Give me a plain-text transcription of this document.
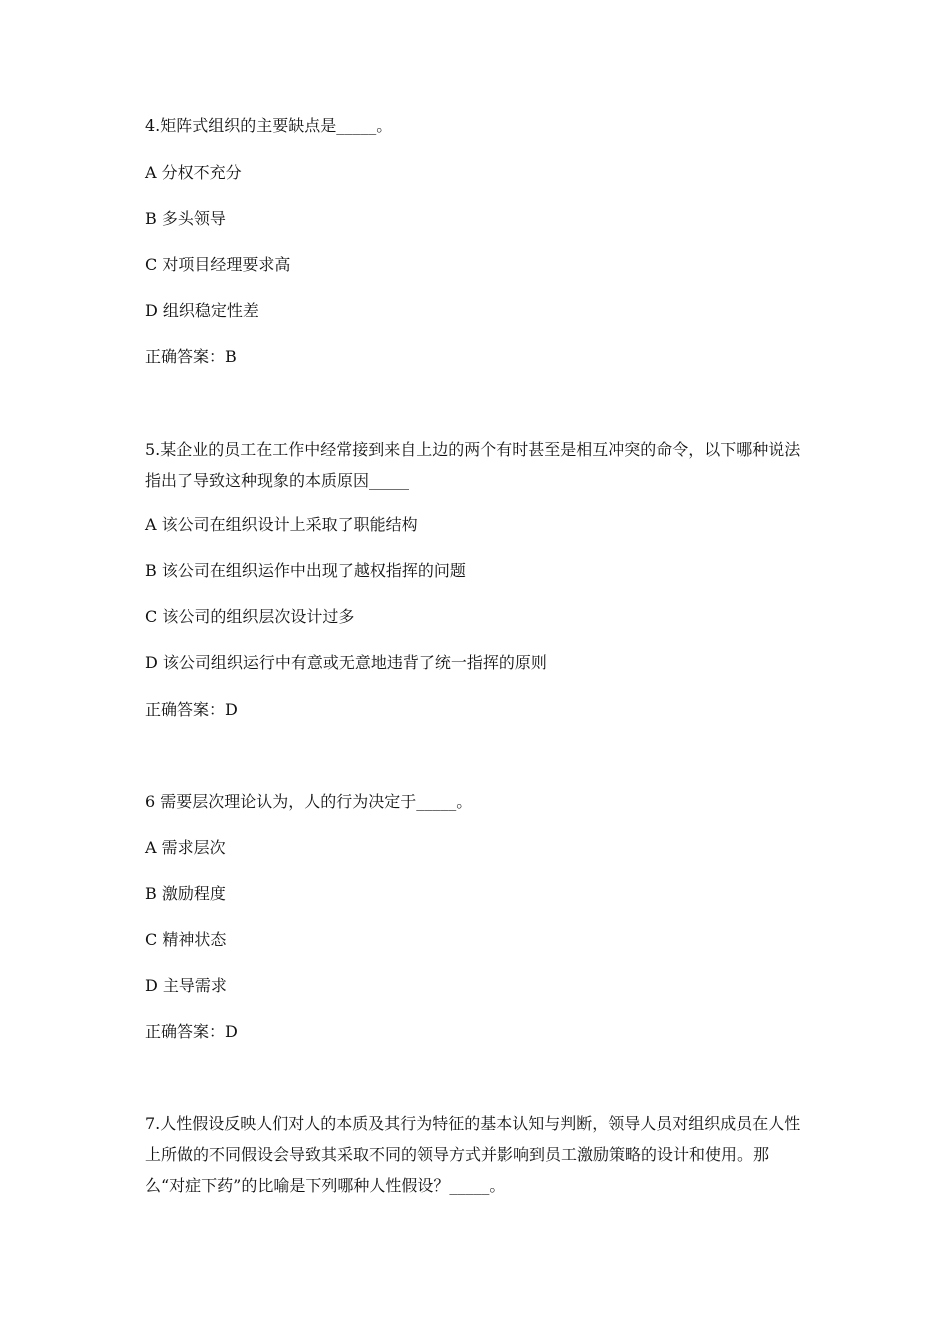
4.矩阵式组织的主要缺点是_____。
A 分权不充分
B 多头领导
C 对项目经理要求高
D 组织稳定性差
正确答案：B
5.某企业的员工在工作中经常接到来自上边的两个有时甚至是相互冲突的命令，以下哪种说法指出了导致这种现象的本质原因_____
A 该公司在组织设计上采取了职能结构
B 该公司在组织运作中出现了越权指挥的问题
C 该公司的组织层次设计过多
D 该公司组织运行中有意或无意地违背了统一指挥的原则
正确答案：D
6 需要层次理论认为，人的行为决定于_____。
A 需求层次
B 激励程度
C 精神状态
D 主导需求
正确答案：D
7.人性假设反映人们对人的本质及其行为特征的基本认知与判断，领导人员对组织成员在人性上所做的不同假设会导致其采取不同的领导方式并影响到员工激励策略的设计和使用。那么“对症下药”的比喻是下列哪种人性假设？_____。
